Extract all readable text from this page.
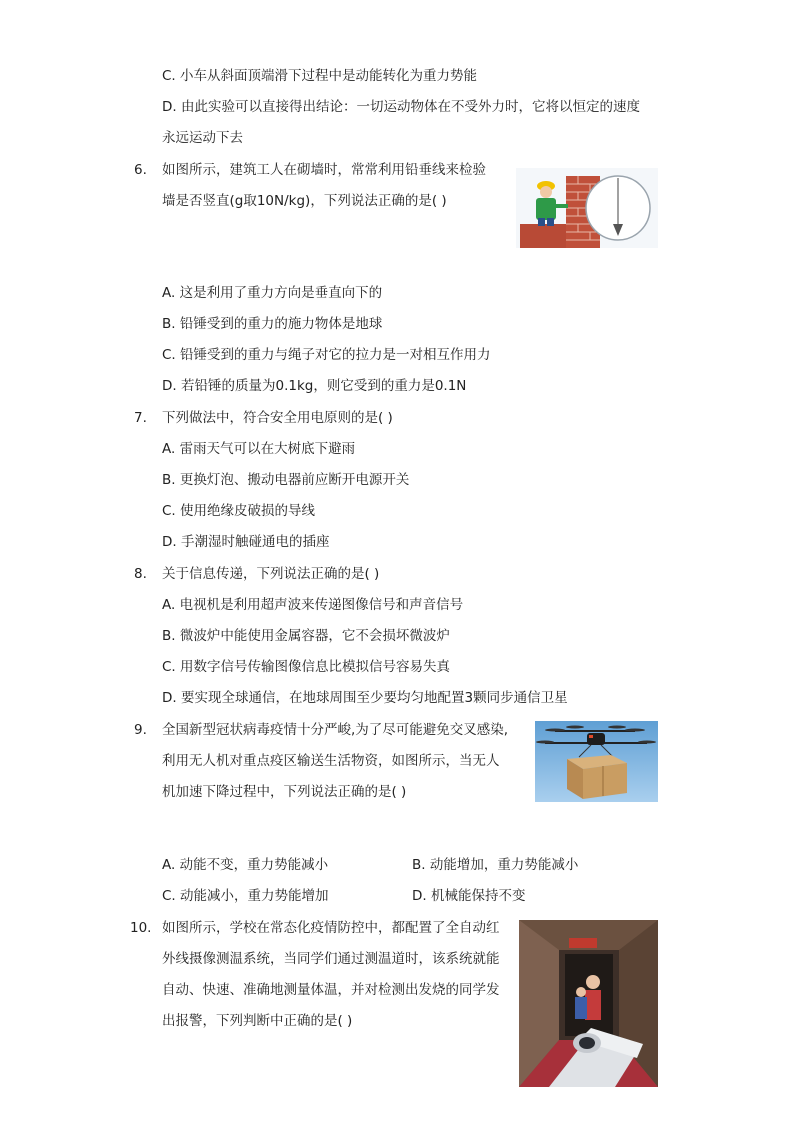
C. 小车从斜面顶端滑下过程中是动能转化为重力势能
D. 由此实验可以直接得出结论：一切运动物体在不受外力时，它将以恒定的速度
永远运动下去
6. 如图所示，建筑工人在砌墙时，常常利用铅垂线来检验
墙是否竖直(g取10N/kg)，下列说法正确的是( )
A. 这是利用了重力方向是垂直向下的
B. 铅锤受到的重力的施力物体是地球
C. 铅锤受到的重力与绳子对它的拉力是一对相互作用力
D. 若铅锤的质量为0.1kg，则它受到的重力是0.1N
7. 下列做法中，符合安全用电原则的是( )
A. 雷雨天气可以在大树底下避雨
B. 更换灯泡、搬动电器前应断开电源开关
C. 使用绝缘皮破损的导线
D. 手潮湿时触碰通电的插座
8. 关于信息传递，下列说法正确的是( )
A. 电视机是利用超声波来传递图像信号和声音信号
B. 微波炉中能使用金属容器，它不会损坏微波炉
C. 用数字信号传输图像信息比模拟信号容易失真
D. 要实现全球通信，在地球周围至少要均匀地配置3颗同步通信卫星
9. 全国新型冠状病毒疫情十分严峻,为了尽可能避免交叉感染,
利用无人机对重点疫区输送生活物资，如图所示，当无人
机加速下降过程中，下列说法正确的是( )
A. 动能不变，重力势能减小	B. 动能增加，重力势能减小
C. 动能减小，重力势能增加	D. 机械能保持不变
10. 如图所示，学校在常态化疫情防控中，都配置了全自动红
外线摄像测温系统，当同学们通过测温道时，该系统就能
自动、快速、准确地测量体温，并对检测出发烧的同学发
出报警，下列判断中正确的是( )
